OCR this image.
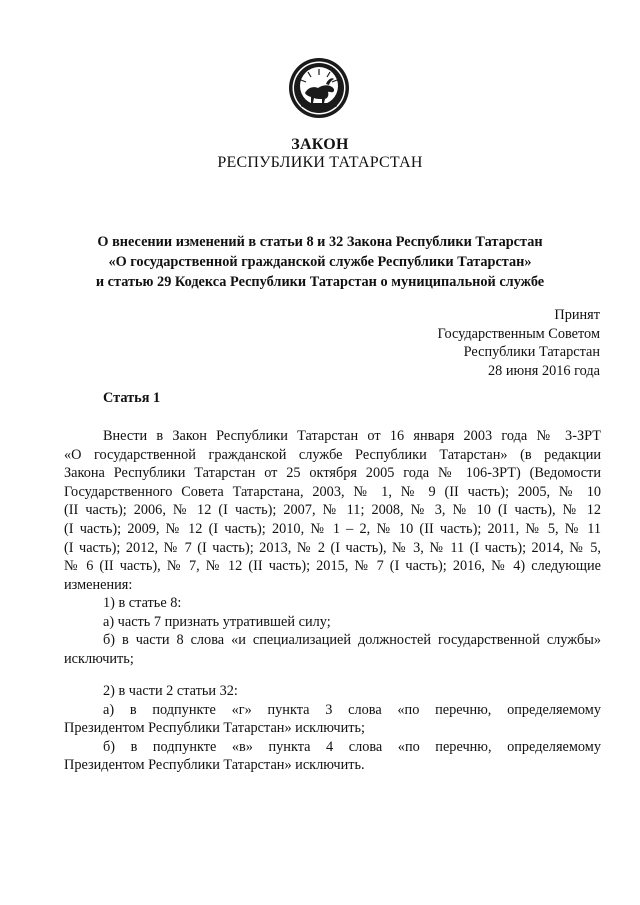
ЗАКОН
РЕСПУБЛИКИ ТАТАРСТАН
О внесении изменений в статьи 8 и 32 Закона Республики Татарстан
«О государственной гражданской службе Республики Татарстан»
и статью 29 Кодекса Республики Татарстан о муниципальной службе
Принят
Государственным Советом
Республики Татарстан
28 июня 2016 года
Статья 1
Внести в Закон Республики Татарстан от 16 января 2003 года № 3-ЗРТ
«О государственной гражданской службе Республики Татарстан» (в редакции
Закона Республики Татарстан от 25 октября 2005 года № 106-ЗРТ) (Ведомости
Государственного Совета Татарстана, 2003, № 1, № 9 (II часть); 2005, № 10
(II часть); 2006, № 12 (I часть); 2007, № 11; 2008, № 3, № 10 (I часть), № 12
(I часть); 2009, № 12 (I часть); 2010, № 1 – 2, № 10 (II часть); 2011, № 5, № 11
(I часть); 2012, № 7 (I часть); 2013, № 2 (I часть), № 3, № 11 (I часть); 2014, № 5,
№ 6 (II часть), № 7, № 12 (II часть); 2015, № 7 (I часть); 2016, № 4) следующие
изменения:
1) в статье 8:
а) часть 7 признать утратившей силу;
б) в части 8 слова «и специализацией должностей государственной службы»
исключить;
2) в части 2 статьи 32:
а) в подпункте «г» пункта 3 слова «по перечню, определяемому
Президентом Республики Татарстан» исключить;
б) в подпункте «в» пункта 4 слова «по перечню, определяемому
Президентом Республики Татарстан» исключить.
